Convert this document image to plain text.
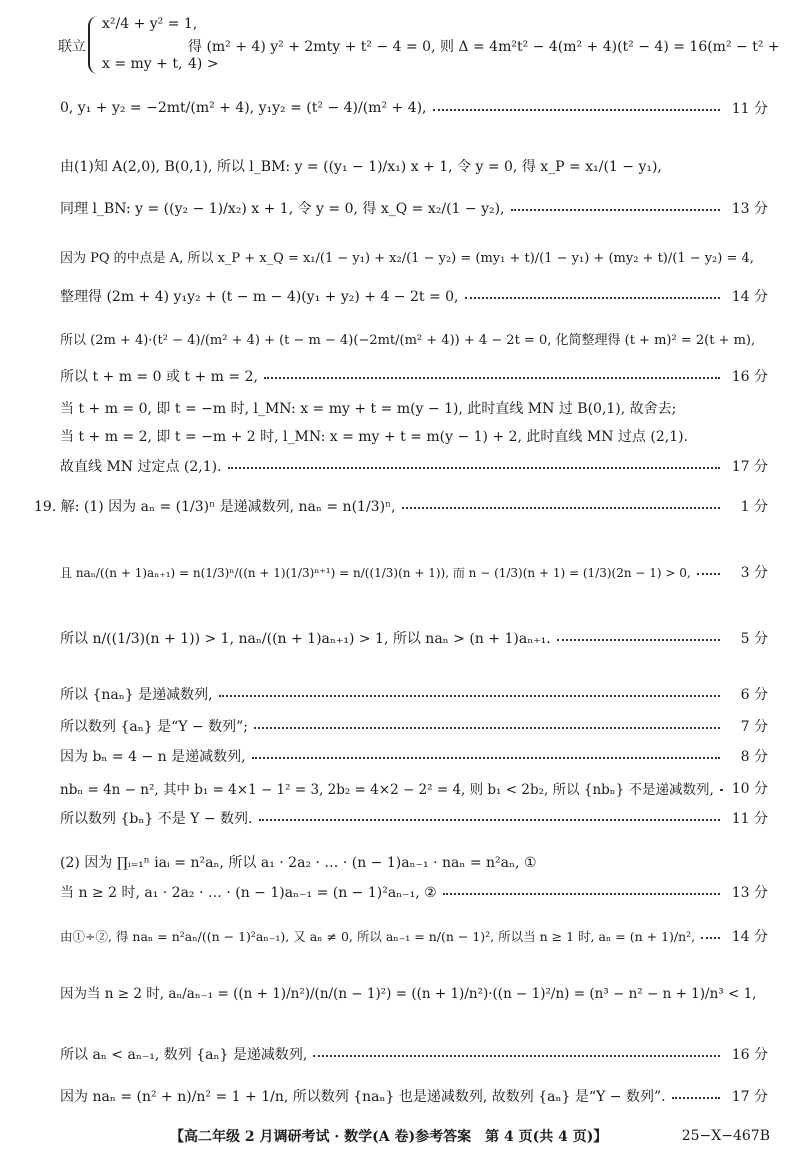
联立
x²/4 + y² = 1,
x = my + t,
得 (m² + 4) y² + 2mty + t² − 4 = 0, 则 Δ = 4m²t² − 4(m² + 4)(t² − 4) = 16(m² − t² + 4) >
0, y₁ + y₂ = −2mt/(m² + 4), y₁y₂ = (t² − 4)/(m² + 4),	11 分
由(1)知 A(2,0), B(0,1), 所以 l_BM: y = ((y₁ − 1)/x₁) x + 1, 令 y = 0, 得 x_P = x₁/(1 − y₁),
同理 l_BN: y = ((y₂ − 1)/x₂) x + 1, 令 y = 0, 得 x_Q = x₂/(1 − y₂),	13 分
因为 PQ 的中点是 A, 所以 x_P + x_Q = x₁/(1 − y₁) + x₂/(1 − y₂) = (my₁ + t)/(1 − y₁) + (my₂ + t)/(1 − y₂) = 4,
整理得 (2m + 4) y₁y₂ + (t − m − 4)(y₁ + y₂) + 4 − 2t = 0,	14 分
所以 (2m + 4)·(t² − 4)/(m² + 4) + (t − m − 4)(−2mt/(m² + 4)) + 4 − 2t = 0, 化简整理得 (t + m)² = 2(t + m),
所以 t + m = 0 或 t + m = 2,	16 分
当 t + m = 0, 即 t = −m 时, l_MN: x = my + t = m(y − 1), 此时直线 MN 过 B(0,1), 故舍去;
当 t + m = 2, 即 t = −m + 2 时, l_MN: x = my + t = m(y − 1) + 2, 此时直线 MN 过点 (2,1).
故直线 MN 过定点 (2,1).	17 分
19. 解: (1) 因为 aₙ = (1/3)ⁿ 是递减数列, naₙ = n(1/3)ⁿ,	1 分
且 naₙ/((n + 1)aₙ₊₁) = n(1/3)ⁿ/((n + 1)(1/3)ⁿ⁺¹) = n/((1/3)(n + 1)), 而 n − (1/3)(n + 1) = (1/3)(2n − 1) > 0,	3 分
所以 n/((1/3)(n + 1)) > 1, naₙ/((n + 1)aₙ₊₁) > 1, 所以 naₙ > (n + 1)aₙ₊₁.	5 分
所以 {naₙ} 是递减数列,	6 分
所以数列 {aₙ} 是“Y − 数列”;	7 分
因为 bₙ = 4 − n 是递减数列,	8 分
nbₙ = 4n − n², 其中 b₁ = 4×1 − 1² = 3, 2b₂ = 4×2 − 2² = 4, 则 b₁ < 2b₂, 所以 {nbₙ} 不是递减数列,	10 分
所以数列 {bₙ} 不是 Y − 数列.	11 分
(2) 因为 ∏ᵢ₌₁ⁿ iaᵢ = n²aₙ, 所以 a₁ · 2a₂ · … · (n − 1)aₙ₋₁ · naₙ = n²aₙ, ①
当 n ≥ 2 时, a₁ · 2a₂ · … · (n − 1)aₙ₋₁ = (n − 1)²aₙ₋₁, ②	13 分
由①÷②, 得 naₙ = n²aₙ/((n − 1)²aₙ₋₁), 又 aₙ ≠ 0, 所以 aₙ₋₁ = n/(n − 1)², 所以当 n ≥ 1 时, aₙ = (n + 1)/n²,	14 分
因为当 n ≥ 2 时, aₙ/aₙ₋₁ = ((n + 1)/n²)/(n/(n − 1)²) = ((n + 1)/n²)·((n − 1)²/n) = (n³ − n² − n + 1)/n³ < 1,
所以 aₙ < aₙ₋₁, 数列 {aₙ} 是递减数列,	16 分
因为 naₙ = (n² + n)/n² = 1 + 1/n, 所以数列 {naₙ} 也是递减数列, 故数列 {aₙ} 是“Y − 数列”.	17 分
【高二年级 2 月调研考试 · 数学(A 卷)参考答案　第 4 页(共 4 页)】	25−X−467B
